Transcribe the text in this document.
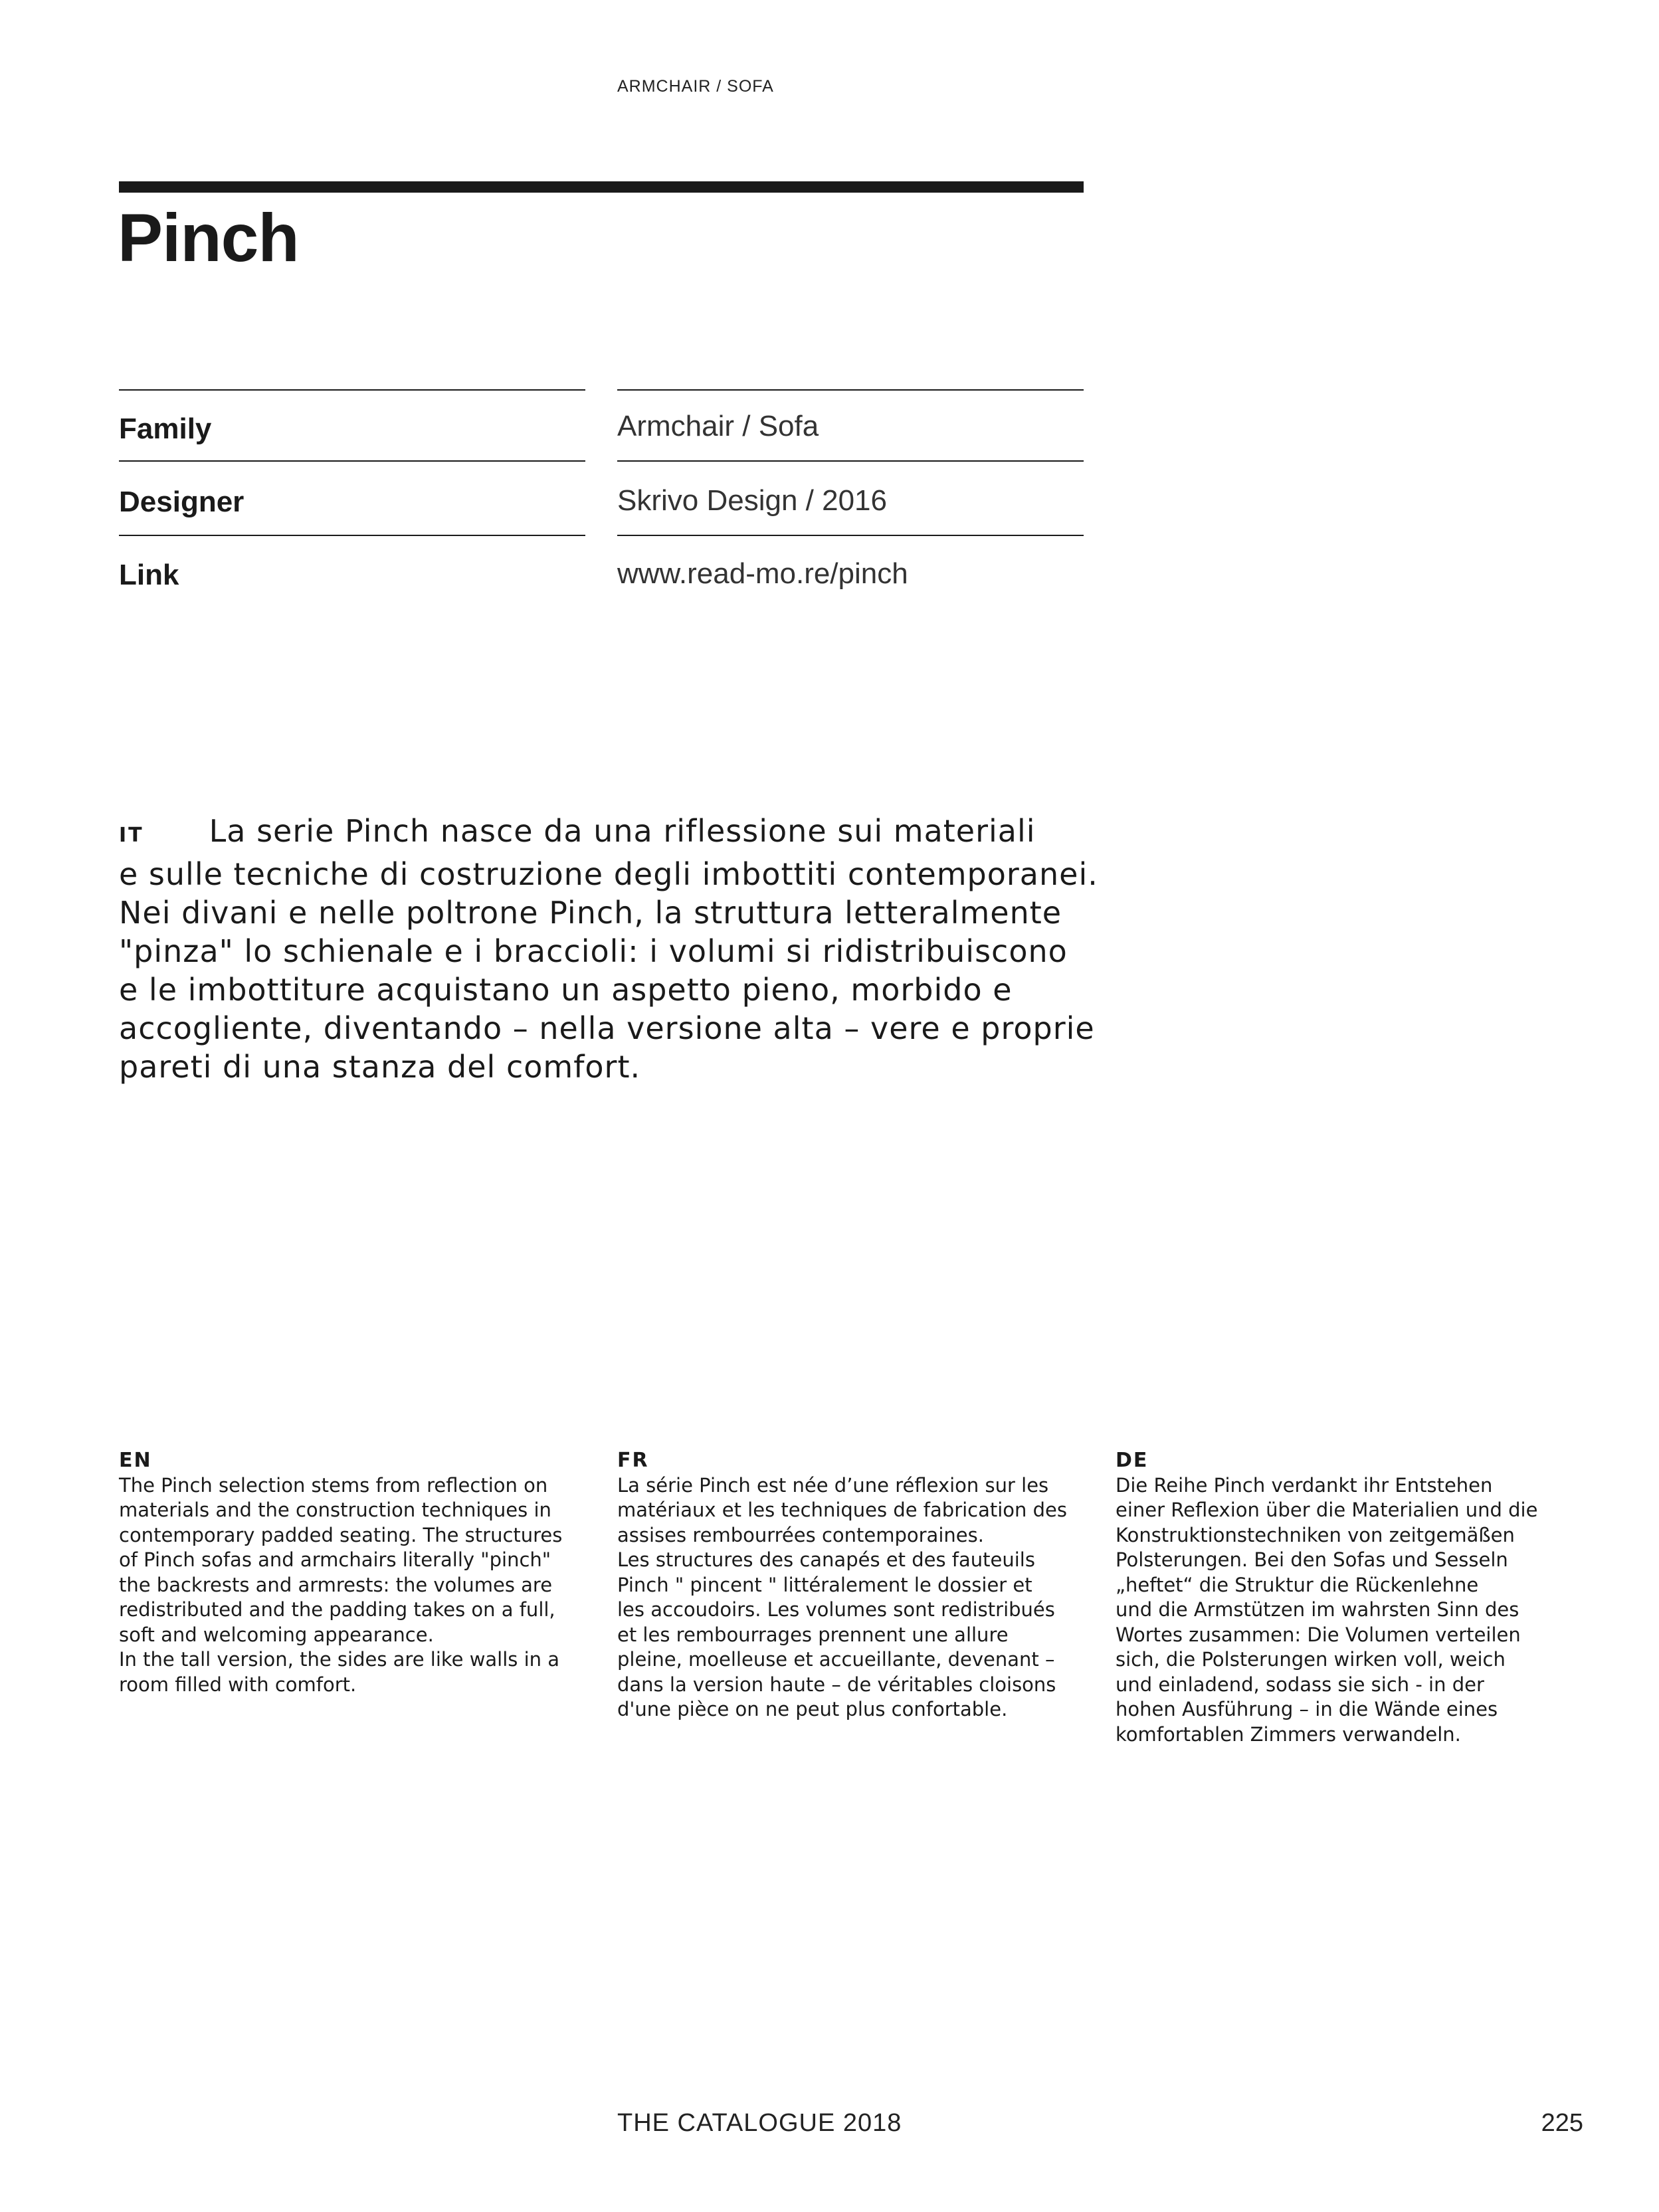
ARMCHAIR / SOFA
Pinch
Family	Armchair / Sofa
Designer	Skrivo Design / 2016
Link	www.read-mo.re/pinch
IT La serie Pinch nasce da una riflessione sui materiali
e sulle tecniche di costruzione degli imbottiti contemporanei.
Nei divani e nelle poltrone Pinch, la struttura letteralmente
"pinza" lo schienale e i braccioli: i volumi si ridistribuiscono
e le imbottiture acquistano un aspetto pieno, morbido e
accogliente, diventando – nella versione alta – vere e proprie
pareti di una stanza del comfort.
EN
The Pinch selection stems from reflection on
materials and the construction techniques in
contemporary padded seating. The structures
of Pinch sofas and armchairs literally "pinch"
the backrests and armrests: the volumes are
redistributed and the padding takes on a full,
soft and welcoming appearance.
In the tall version, the sides are like walls in a
room filled with comfort.
FR
La série Pinch est née d’une réflexion sur les
matériaux et les techniques de fabrication des
assises rembourrées contemporaines.
Les structures des canapés et des fauteuils
Pinch " pincent " littéralement le dossier et
les accoudoirs. Les volumes sont redistribués
et les rembourrages prennent une allure
pleine, moelleuse et accueillante, devenant –
dans la version haute – de véritables cloisons
d'une pièce on ne peut plus confortable.
DE
Die Reihe Pinch verdankt ihr Entstehen
einer Reflexion über die Materialien und die
Konstruktionstechniken von zeitgemäßen
Polsterungen. Bei den Sofas und Sesseln
„heftet“ die Struktur die Rückenlehne
und die Armstützen im wahrsten Sinn des
Wortes zusammen: Die Volumen verteilen
sich, die Polsterungen wirken voll, weich
und einladend, sodass sie sich - in der
hohen Ausführung – in die Wände eines
komfortablen Zimmers verwandeln.
THE CATALOGUE 2018	225
